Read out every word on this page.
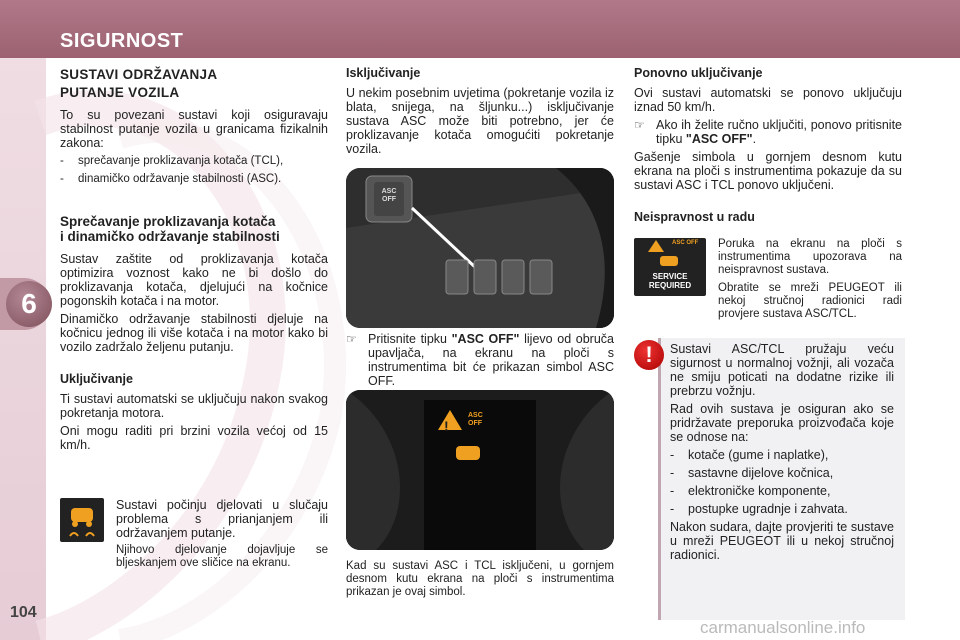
SIGURNOST
6
104
SUSTAVI ODRŽAVANJA
PUTANJE VOZILA

To su povezani sustavi koji osiguravaju stabilnost putanje vozila u granicama fizikalnih zakona:

-	sprečavanje proklizavanja kotača (TCL),
-	dinamičko održavanje stabilnosti (ASC).
Sprečavanje proklizavanja kotača i dinamičko održavanje stabilnosti

Sustav zaštite od proklizavanja kotača optimizira voznost kako ne bi došlo do proklizavanja kotača, djelujući na kočnice pogonskih kotača i na motor.

Dinamičko održavanje stabilnosti djeluje na kočnicu jednog ili više kotača i na motor kako bi vozilo zadržalo željenu putanju.

Uključivanje

Ti sustavi automatski se uključuju nakon svakog pokretanja motora.

Oni mogu raditi pri brzini vozila većoj od 15 km/h.

Sustavi počinju djelovati u slučaju problema s prianjanjem ili održavanjem putanje.

Njihovo djelovanje dojavljuje se bljeskanjem ove sličice na ekranu.

Isključivanje

U nekim posebnim uvjetima (pokretanje vozila iz blata, snijega, na šljunku...) isključivanje sustava ASC može biti potrebno, jer će proklizavanje kotača omogućiti pokretanje vozila.

ASC OFF
☞ Pritisnite tipku "ASC OFF" lijevo od obruča upavljača, na ekranu na ploči s instrumentima bit će prikazan simbol ASC OFF.
!
ASC OFF
Kad su sustavi ASC i TCL isključeni, u gornjem desnom kutu ekrana na ploči s instrumentima prikazan je ovaj simbol.
Ponovno uključivanje

Ovi sustavi automatski se ponovo uključuju iznad 50 km/h.

☞ Ako ih želite ručno uključiti, ponovo pritisnite tipku "ASC OFF".

Gašenje simbola u gornjem desnom kutu ekrana na ploči s instrumentima pokazuje da su sustavi ASC i TCL ponovo uključeni.

Neispravnost u radu
ASC OFF
SERVICE REQUIRED

Poruka na ekranu na ploči s instrumentima upozorava na neispravnost sustava.

Obratite se mreži PEUGEOT ili nekoj stručnoj radionici radi provjere sustava ASC/TCL.

!	Sustavi ASC/TCL pružaju veću sigurnost u normalnoj vožnji, ali vozača ne smiju poticati na dodatne rizike ili prebrzu vožnju.

Rad ovih sustava je osiguran ako se pridržavate preporuka proizvođača koje se odnose na:

-	kotače (gume i naplatke),
-	sastavne dijelove kočnica,
-	elektroničke komponente,
-	postupke ugradnje i zahvata.

Nakon sudara, dajte provjeriti te sustave u mreži PEUGEOT ili u nekoj stručnoj radionici.

carmanualsonline.info
